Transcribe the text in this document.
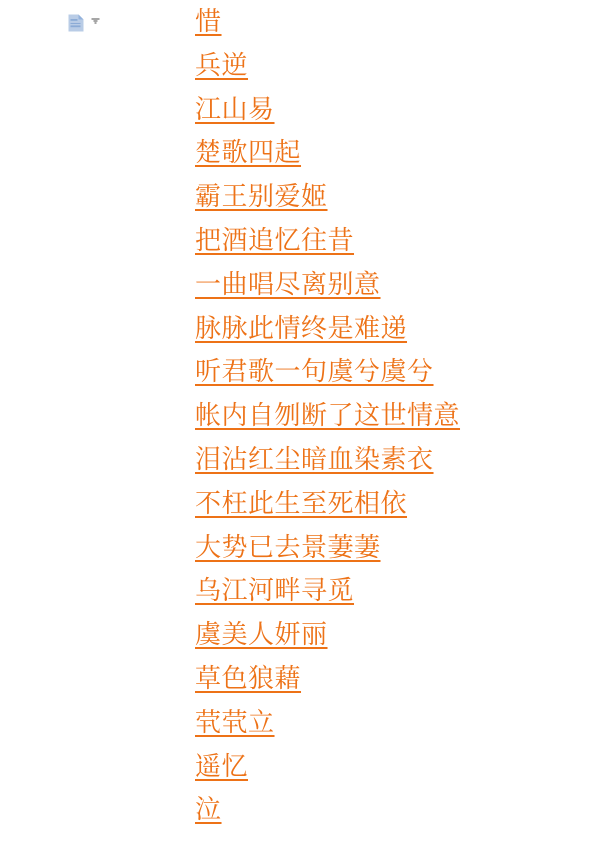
惜
兵逆
江山易
楚歌四起
霸王别爱姬
把酒追忆往昔
一曲唱尽离别意
脉脉此情终是难递
听君歌一句虞兮虞兮
帐内自刎断了这世情意
泪沾红尘暗血染素衣
不枉此生至死相依
大势已去景萋萋
乌江河畔寻觅
虞美人妍丽
草色狼藉
茕茕立
遥忆
泣
